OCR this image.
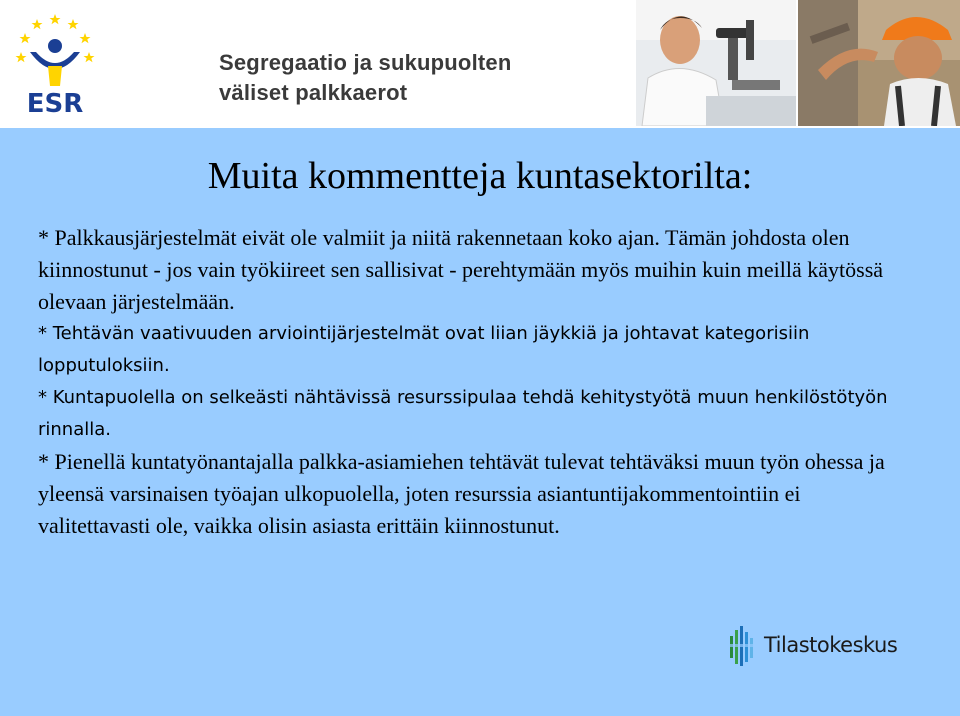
ESR
Segregaatio ja sukupuolten
väliset palkkaerot
Muita kommentteja kuntasektorilta:

* Palkkausjärjestelmät eivät ole valmiit ja niitä rakennetaan koko ajan. Tämän johdosta olen kiinnostunut - jos vain työkiireet sen sallisivat - perehtymään myös muihin kuin meillä käytössä olevaan järjestelmään.

* Tehtävän vaativuuden arviointijärjestelmät ovat liian jäykkiä ja johtavat kategorisiin lopputuloksiin.

* Kuntapuolella on selkeästi nähtävissä resurssipulaa tehdä kehitystyötä muun henkilöstötyön rinnalla.

* Pienellä kuntatyönantajalla palkka-asiamiehen tehtävät tulevat tehtäväksi muun työn ohessa ja yleensä varsinaisen työajan ulkopuolella, joten resurssia asiantuntijakommentointiin ei valitettavasti ole, vaikka olisin asiasta erittäin kiinnostunut.

Tilastokeskus
